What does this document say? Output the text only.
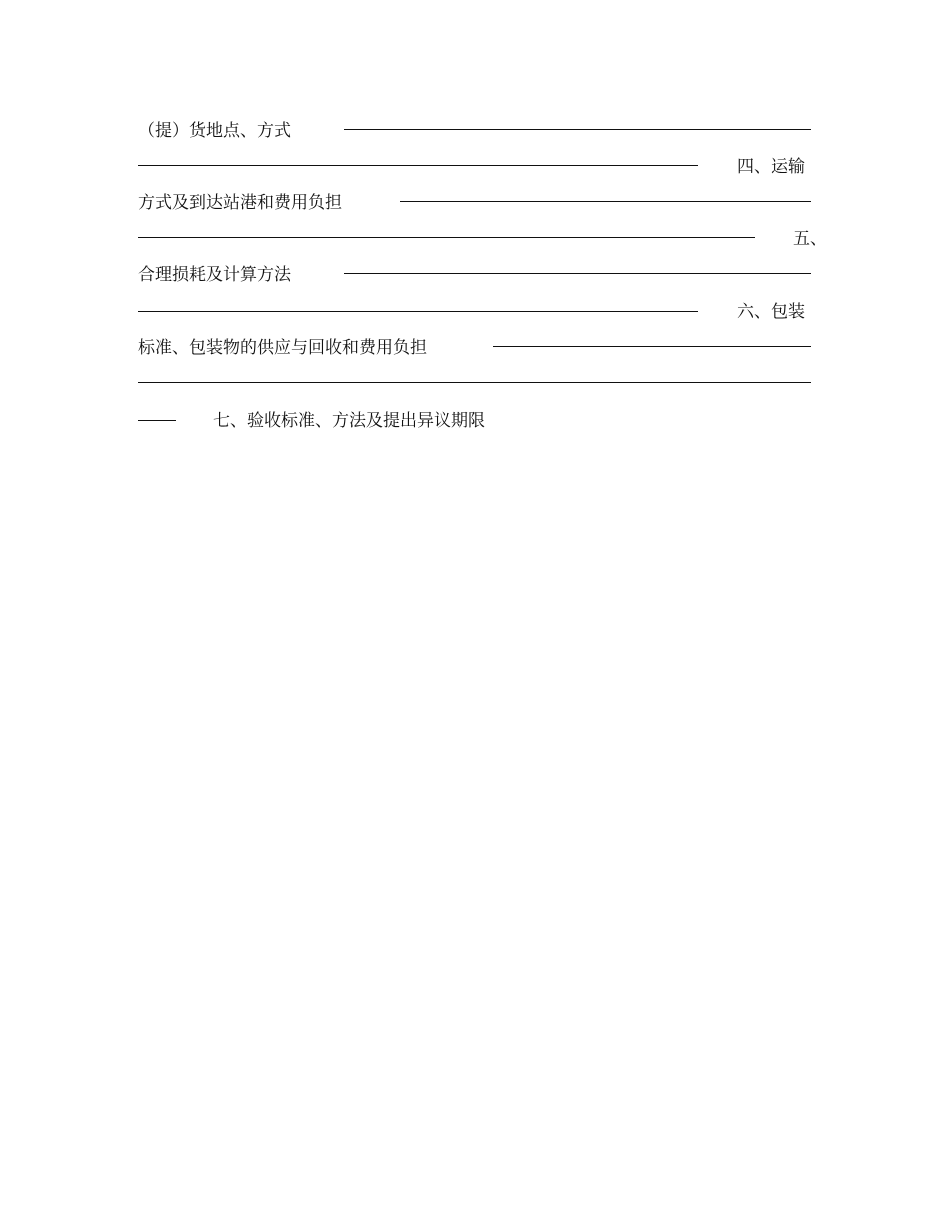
（提）货地点、方式
四、运输
方式及到达站港和费用负担
五、
合理损耗及计算方法
六、包装
标准、包装物的供应与回收和费用负担
七、验收标准、方法及提出异议期限
